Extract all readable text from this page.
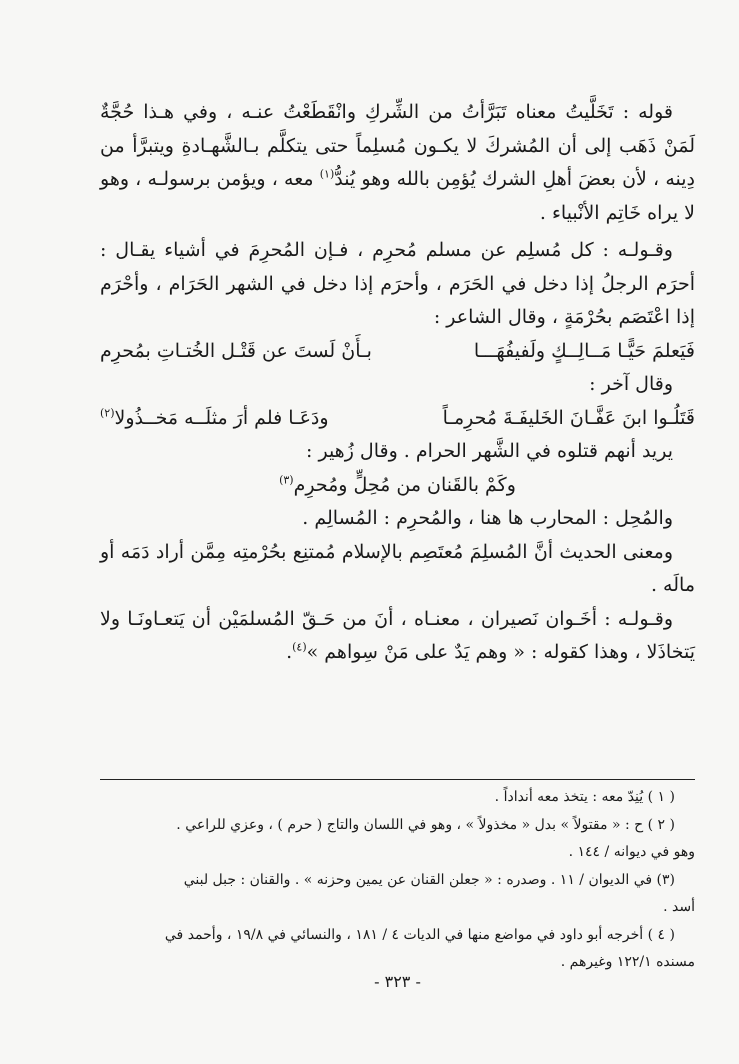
قوله : تَخَلَّيتُ معناه تَبَرَّأتُ من الشِّركِ وانْقَطَعْتُ عنـه ، وفي هـذا حُجَّةٌ لَمَنْ ذَهَب إلى أن المُشركَ لا يكـون مُسلِماً حتى يتكلَّم بـالشَّهـادةِ ويتبرَّأ من دِينه ، لأن بعضَ أهلِ الشرك يُؤمِن بالله وهو يُندُّ$^{(١)}$ معه ، ويؤمن برسولـه ، وهو لا يراه خَاتِم الأنْبياء .

وقـولـه : كل مُسلِم عن مسلم مُحرِم ، فـإن المُحرِمَ في أشياء يقـال : أحرَم الرجلُ إذا دخل في الحَرَم ، وأحرَم إذا دخل في الشهر الحَرَام ، وأحْرَم إذا اعْتَصَم بحُرْمَةٍ ، وقال الشاعر :

فَيَعلمَ حَيًّـا مَــالِــكٍ ولَفيفُهَـــا
بـأَنْ لَستَ عن قَتْـل الخُتـاتِ بمُحرِم

وقال آخر :

قَتَلُـوا ابنَ عَفَّـانَ الخَليفَـةَ مُحرِمـاً
ودَعَـا فلم أرَ مثلَــه مَخــذُولا$^{(٢)}$

يريد أنهم قتلوه في الشَّهر الحرام . وقال زُهير :

وكَمْ بالقَنان من مُحِلٍّ ومُحرِم$^{(٣)}$

والمُحِل : المحارب ها هنا ، والمُحرِم : المُسالِم .

ومعنى الحديث أنَّ المُسلِمَ مُعتَصِم بالإسلام مُمتنِع بحُرْمتِه مِمَّن أراد دَمَه أو مالَه .

وقـولـه : أخَـوان نَصيران ، معنـاه ، أنَ من حَـقّ المُسلمَيْن أن يَتعـاونَـا ولا يَتخاذَلا ، وهذا كقوله : « وهم يَدٌ على مَنْ سِواهم »$^{(٤)}$.

( ١ ) يُنِدّ معه : يتخذ معه أنداداً .

( ٢ ) ح : « مقتولاً » بدل « مخذولاً » ، وهو في اللسان والتاج ( حرم ) ، وعزي للراعي .

وهو في ديوانه / ١٤٤ .

(٣) في الديوان / ١١ . وصدره : « جعلن القنان عن يمين وحزنه » . والقنان : جبل لبني

أسد .

( ٤ ) أخرجه أبو داود في مواضع منها في الديات ٤ / ١٨١ ، والنسائي في ١٩/٨ ، وأحمد في

مسنده ١٢٢/١ وغيرهم .

- ٣٢٣ -
